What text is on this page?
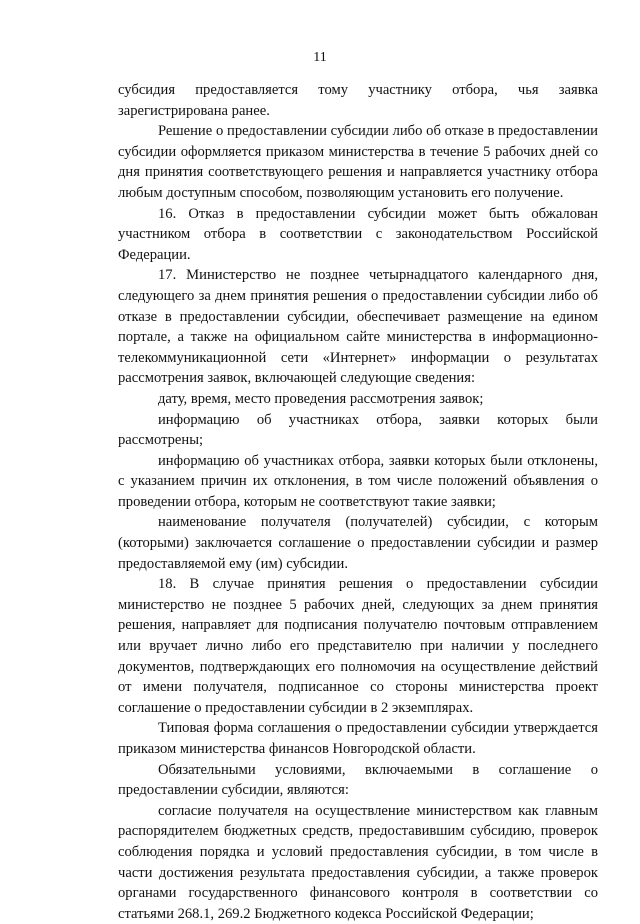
11

субсидия предоставляется тому участнику отбора, чья заявка зарегистрирована ранее.

Решение о предоставлении субсидии либо об отказе в предоставлении субсидии оформляется приказом министерства в течение 5 рабочих дней со дня принятия соответствующего решения и направляется участнику отбора любым доступным способом, позволяющим установить его получение.

16. Отказ в предоставлении субсидии может быть обжалован участником отбора в соответствии с законодательством Российской Федерации.

17. Министерство не позднее четырнадцатого календарного дня, следующего за днем принятия решения о предоставлении субсидии либо об отказе в предоставлении субсидии, обеспечивает размещение на едином портале, а также на официальном сайте министерства в информационно-телекоммуникационной сети «Интернет» информации о результатах рассмотрения заявок, включающей следующие сведения:

дату, время, место проведения рассмотрения заявок;

информацию об участниках отбора, заявки которых были рассмотрены;

информацию об участниках отбора, заявки которых были отклонены, с указанием причин их отклонения, в том числе положений объявления о проведении отбора, которым не соответствуют такие заявки;

наименование получателя (получателей) субсидии, с которым (которыми) заключается соглашение о предоставлении субсидии и размер предоставляемой ему (им) субсидии.

18. В случае принятия решения о предоставлении субсидии министерство не позднее 5 рабочих дней, следующих за днем принятия решения, направляет для подписания получателю почтовым отправлением или вручает лично либо его представителю при наличии у последнего документов, подтверждающих его полномочия на осуществление действий от имени получателя, подписанное со стороны министерства проект соглашение о предоставлении субсидии в 2 экземплярах.

Типовая форма соглашения о предоставлении субсидии утверждается приказом министерства финансов Новгородской области.

Обязательными условиями, включаемыми в соглашение о предоставлении субсидии, являются:

согласие получателя на осуществление министерством как главным распорядителем бюджетных средств, предоставившим субсидию, проверок соблюдения порядка и условий предоставления субсидии, в том числе в части достижения результата предоставления субсидии, а также проверок органами государственного финансового контроля в соответствии со статьями 268.1, 269.2 Бюджетного кодекса Российской Федерации;
